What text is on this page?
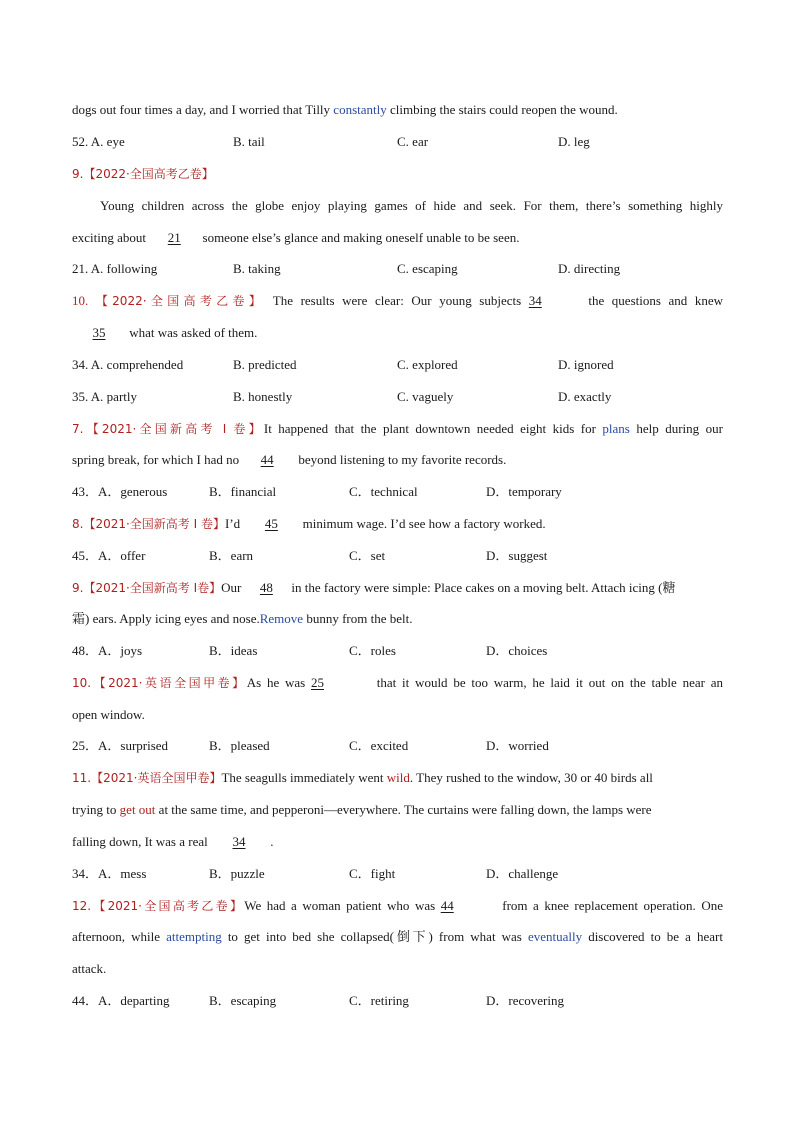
dogs out four times a day, and I worried that Tilly constantly climbing the stairs could reopen the wound.
52. A. eye	B. tail	C. ear	D. leg
9.【2022·全国高考乙卷】
Young children across the globe enjoy playing games of hide and seek. For them, there’s something highly
exciting about 21 someone else’s glance and making oneself unable to be seen.
21. A. following	B. taking	C. escaping	D. directing
10. 【2022·全国高考乙卷】 The results were clear: Our young subjects 34	the questions and knew
35 what was asked of them.
34. A. comprehended	B. predicted	C. explored	D. ignored
35. A. partly	B. honestly	C. vaguely	D. exactly
7.【2021·全国新高考 I 卷】It happened that the plant downtown needed eight kids for plans help during our
spring break, for which I had no 44 beyond listening to my favorite records.
43．A．generous	B．financial	C．technical	D．temporary
8.【2021·全国新高考 I 卷】I’d 45 minimum wage. I’d see how a factory worked.
45．A．offer	B．earn	C．set	D．suggest
9.【2021·全国新高考 I卷】Our 48 in the factory were simple: Place cakes on a moving belt. Attach icing (糖
霜) ears. Apply icing eyes and nose.Remove bunny from the belt.
48．A．joys	B．ideas	C．roles	D．choices
10.【2021·英语全国甲卷】As he was 25	that it would be too warm, he laid it out on the table near an
open window.
25．A．surprised	B．pleased	C．excited	D．worried
11.【2021·英语全国甲卷】The seagulls immediately went wild. They rushed to the window, 30 or 40 birds all
trying to get out at the same time, and pepperoni—everywhere. The curtains were falling down, the lamps were
falling down, It was a real 34 .
34．A．mess	B．puzzle	C．fight	D．challenge
12.【2021·全国高考乙卷】We had a woman patient who was 44	from a knee replacement operation. One
afternoon, while attempting to get into bed she collapsed(倒下) from what was eventually discovered to be a heart
attack.
44．A．departing	B．escaping	C．retiring	D．recovering
